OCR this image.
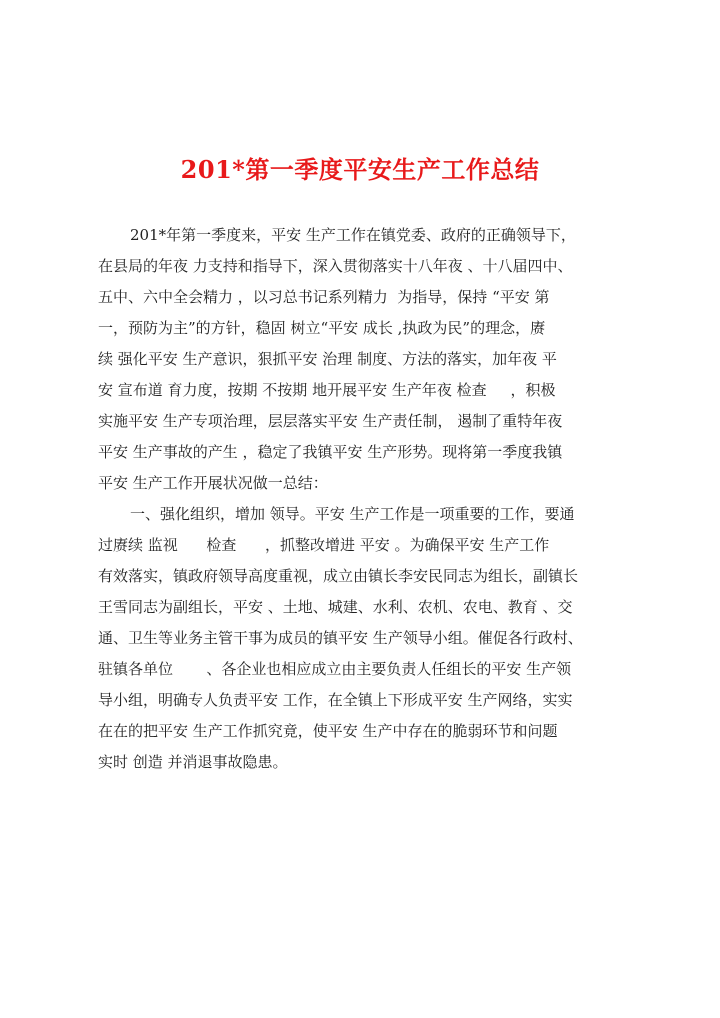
201*第一季度平安生产工作总结
201*年第一季度来，平安 生产工作在镇党委、政府的正确领导下，
在县局的年夜 力支持和指导下，深入贯彻落实十八年夜 、十八届四中、
五中、六中全会精力 ，以习总书记系列精力  为指导，保持 “平安 第
一，预防为主”的方针，稳固 树立“平安 成长 ,执政为民”的理念，赓
续 强化平安 生产意识，狠抓平安 治理 制度、方法的落实，加年夜 平
安 宣布道 育力度，按期 不按期 地开展平安 生产年夜 检查     ，积极
实施平安 生产专项治理，层层落实平安 生产责任制， 遏制了重特年夜
平安 生产事故的产生 ，稳定了我镇平安 生产形势。现将第一季度我镇
平安 生产工作开展状况做一总结：
一、强化组织，增加 领导。平安 生产工作是一项重要的工作，要通
过赓续 监视      检查      ，抓整改增进 平安 。为确保平安 生产工作
有效落实，镇政府领导高度重视，成立由镇长李安民同志为组长，副镇长
王雪同志为副组长，平安 、土地、城建、水利、农机、农电、教育 、交
通、卫生等业务主管干事为成员的镇平安 生产领导小组。催促各行政村、
驻镇各单位       、各企业也相应成立由主要负责人任组长的平安 生产领
导小组，明确专人负责平安 工作，在全镇上下形成平安 生产网络，实实
在在的把平安 生产工作抓究竟，使平安 生产中存在的脆弱环节和问题
实时 创造 并消退事故隐患。
